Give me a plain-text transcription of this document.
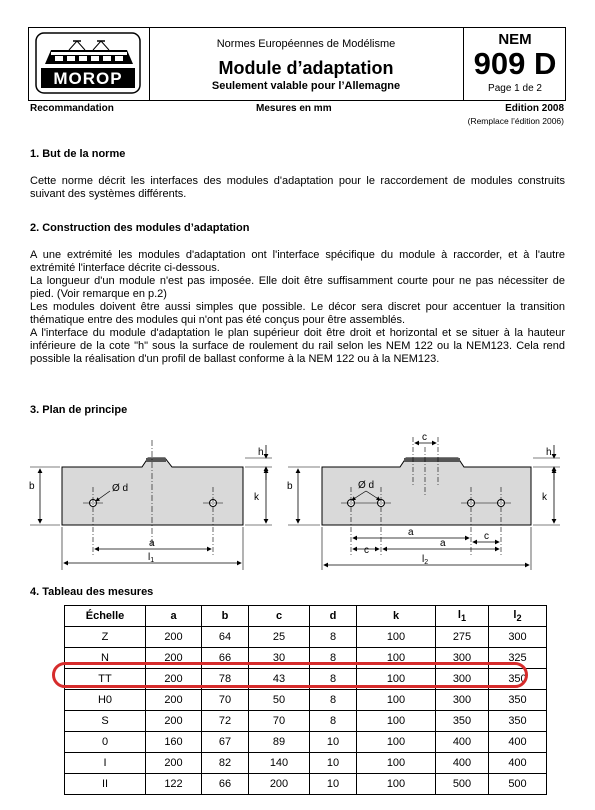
MOROP
Normes Européennes de Modélisme
Module d’adaptation
Seulement valable pour l’Allemagne
NEM
909 D
Page 1 de 2
Recommandation	Mesures en mm	Edition 2008
(Remplace l’édition 2006)
1. But de la norme

Cette norme décrit les interfaces des modules d'adaptation pour le raccordement de modules construits suivant des systèmes différents.

2. Construction des modules d’adaptation

A une extrémité les modules d'adaptation ont l'interface spécifique du module à raccorder, et à l'autre extrémité l'interface décrite ci-dessous.

La longueur d'un module n'est pas imposée. Elle doit être suffisamment courte pour ne pas nécessiter de pied. (Voir remarque en p.2)

Les modules doivent être aussi simples que possible. Le décor sera discret pour accentuer la transition thématique entre des modules qui n'ont pas été conçus pour être assemblés.

A l'interface du module d'adaptation le plan supérieur doit être droit et horizontal et se situer à la hauteur inférieure de la cote "h" sous la surface de roulement du rail selon les NEM 122 ou la NEM123. Cela rend possible la réalisation d'un profil de ballast conforme à la NEM 122 ou à la NEM123.

3. Plan de principe
Ø d
b
h
k
a
$l_1$
c
Ø d
b
h
k
a
c
a
c
$l_2$
4. Tableau des mesures
Échelle	a	b	c	d	k	$l_1$	$l_2$
Z	200	64	25	8	100	275	300
N	200	66	30	8	100	300	325
TT	200	78	43	8	100	300	350
H0	200	70	50	8	100	300	350
S	200	72	70	8	100	350	350
0	160	67	89	10	100	400	400
I	200	82	140	10	100	400	400
II	122	66	200	10	100	500	500
